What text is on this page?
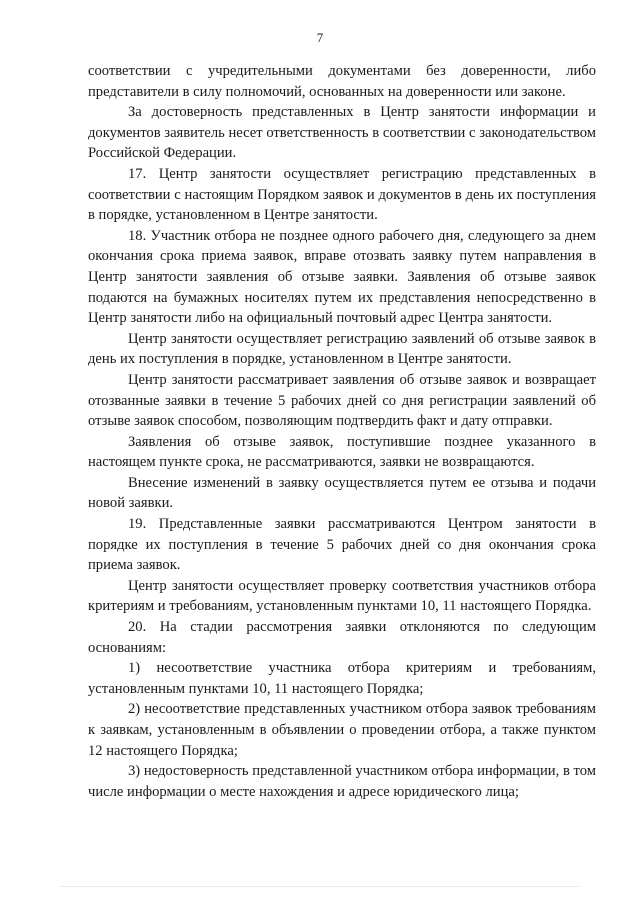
7

соответствии с учредительными документами без доверенности, либо представители в силу полномочий, основанных на доверенности или законе.

За достоверность представленных в Центр занятости информации и документов заявитель несет ответственность в соответствии с законодательством Российской Федерации.

17. Центр занятости осуществляет регистрацию представленных в соответствии с настоящим Порядком заявок и документов в день их поступления в порядке, установленном в Центре занятости.

18. Участник отбора не позднее одного рабочего дня, следующего за днем окончания срока приема заявок, вправе отозвать заявку путем направления в Центр занятости заявления об отзыве заявки. Заявления об отзыве заявок подаются на бумажных носителях путем их представления непосредственно в Центр занятости либо на официальный почтовый адрес Центра занятости.

Центр занятости осуществляет регистрацию заявлений об отзыве заявок в день их поступления в порядке, установленном в Центре занятости.

Центр занятости рассматривает заявления об отзыве заявок и возвращает отозванные заявки в течение 5 рабочих дней со дня регистрации заявлений об отзыве заявок способом, позволяющим подтвердить факт и дату отправки.

Заявления об отзыве заявок, поступившие позднее указанного в настоящем пункте срока, не рассматриваются, заявки не возвращаются.

Внесение изменений в заявку осуществляется путем ее отзыва и подачи новой заявки.

19. Представленные заявки рассматриваются Центром занятости в порядке их поступления в течение 5 рабочих дней со дня окончания срока приема заявок.

Центр занятости осуществляет проверку соответствия участников отбора критериям и требованиям, установленным пунктами 10, 11 настоящего Порядка.

20. На стадии рассмотрения заявки отклоняются по следующим основаниям:

1) несоответствие участника отбора критериям и требованиям, установленным пунктами 10, 11 настоящего Порядка;

2) несоответствие представленных участником отбора заявок требованиям к заявкам, установленным в объявлении о проведении отбора, а также пунктом 12 настоящего Порядка;

3) недостоверность представленной участником отбора информации, в том числе информации о месте нахождения и адресе юридического лица;
